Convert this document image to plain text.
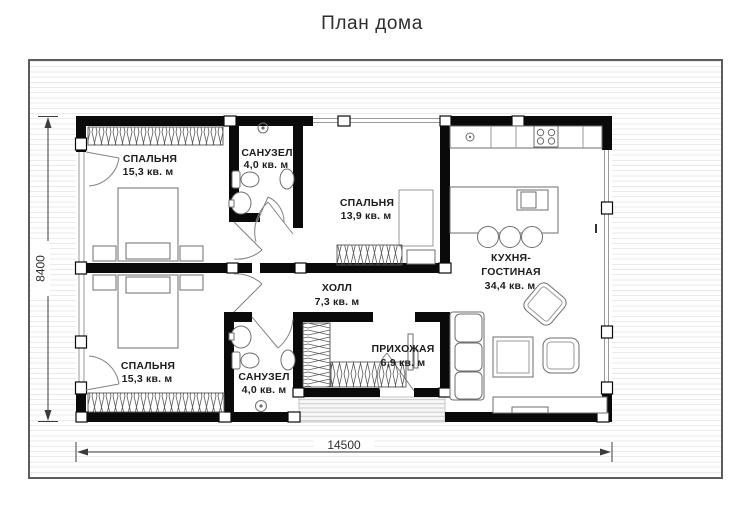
План дома
СПАЛЬНЯ
15,3 кв. м
САНУЗЕЛ
4,0 кв. м
СПАЛЬНЯ
13,9 кв. м
КУХНЯ-
ГОСТИНАЯ
34,4 кв. м
ХОЛЛ
7,3 кв. м
ПРИХОЖАЯ
6,9 кв. м
САНУЗЕЛ
4,0 кв. м
СПАЛЬНЯ
15,3 кв. м
8400
14500
